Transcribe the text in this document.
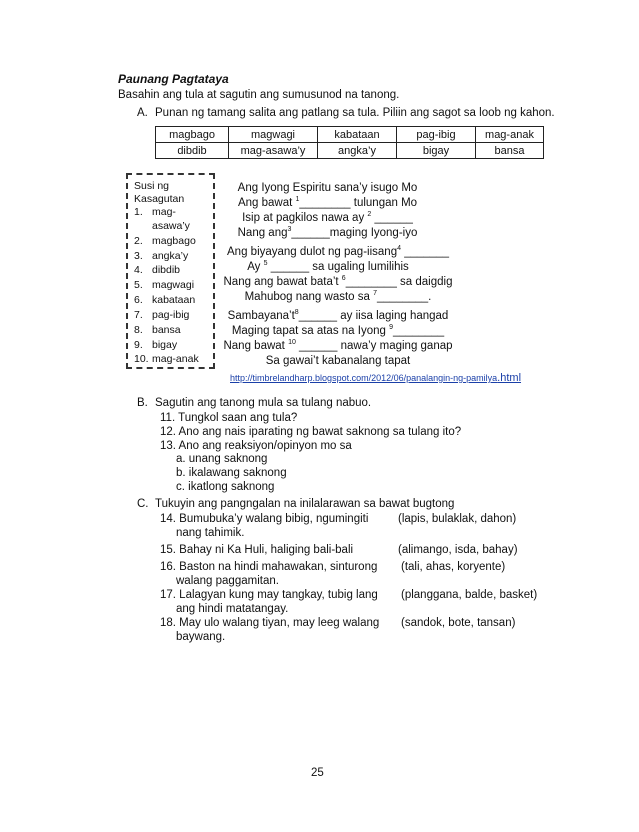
Paunang Pagtataya
Basahin ang tula at sagutin ang sumusunod na tanong.
A. Punan ng tamang salita ang patlang sa tula. Piliin ang sagot sa loob ng kahon.
magbago	magwagi	kabataan	pag-ibig	mag-anak
dibdib	mag-asawa’y	angka’y	bigay	bansa
Susi ng
Kasagutan
1. mag-
asawa’y
2. magbago
3. angka’y
4. dibdib
5. magwagi
6. kabataan
7. pag-ibig
8. bansa
9. bigay
10. mag-anak
Ang Iyong Espiritu sana’y isugo Mo
Ang bawat $^1$________ tulungan Mo
Isip at pagkilos nawa ay $^2$ ______
Nang ang$^3$______maging Iyong-iyo
Ang biyayang dulot ng pag-iisang$^4$ _______
Ay $^5$ ______ sa ugaling lumilihis
Nang ang bawat bata’t $^6$________ sa daigdig
Mahubog nang wasto sa $^7$________.
$Sambayana’t^8\_\_\_\_\_\_$ ay iisa laging hangad
Maging tapat sa atas na Iyong $^9$________
Nang bawat $^{10}$ ______ nawa’y maging ganap
Sa gawai’t kabanalang tapat
http://timbrelandharp.blogspot.com/2012/06/panalangin-ng-pamilya.html
B. Sagutin ang tanong mula sa tulang nabuo.
11. Tungkol saan ang tula?
12. Ano ang nais iparating ng bawat saknong sa tulang ito?
13. Ano ang reaksiyon/opinyon mo sa
a. unang saknong
b. ikalawang saknong
c. ikatlong saknong
C. Tukuyin ang pangngalan na inilalarawan sa bawat bugtong
14. Bumubuka’y walang bibig, ngumingiti
nang tahimik.
(lapis, bulaklak, dahon)
15. Bahay ni Ka Huli, haliging bali-bali	(alimango, isda, bahay)
16. Baston na hindi mahawakan, sinturong
walang paggamitan.
(tali, ahas, koryente)
17. Lalagyan kung may tangkay, tubig lang
ang hindi matatangay.
(planggana, balde, basket)
18. May ulo walang tiyan, may leeg walang
baywang.
(sandok, bote, tansan)
25
